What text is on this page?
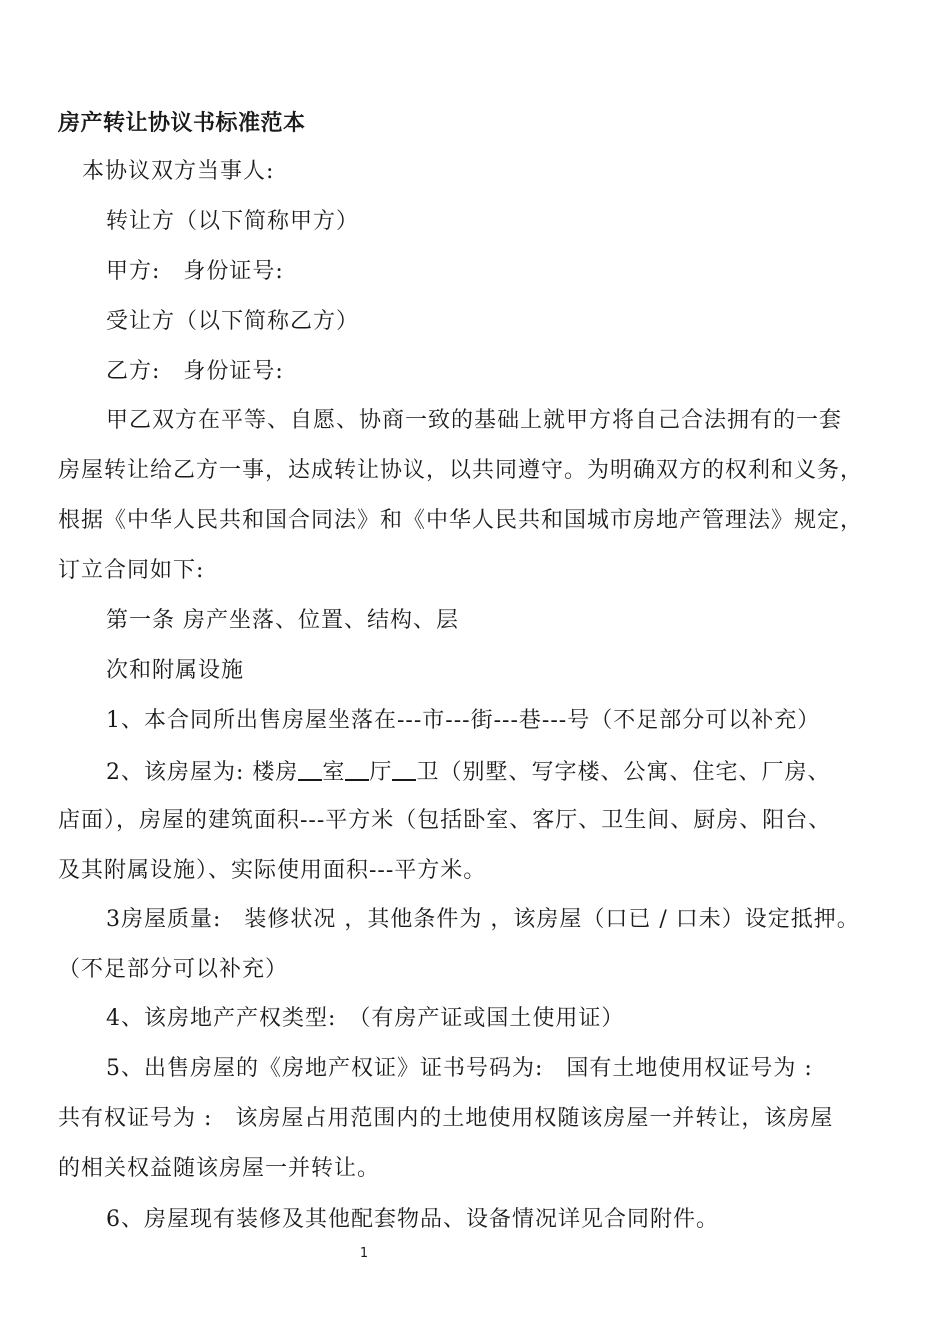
房产转让协议书标准范本
本协议双方当事人:
转让方（以下简称甲方）
甲方:　身份证号:
受让方（以下简称乙方）
乙方:　身份证号:
甲乙双方在平等、自愿、协商一致的基础上就甲方将自己合法拥有的一套
房屋转让给乙方一事，达成转让协议，以共同遵守。为明确双方的权利和义务，
根据《中华人民共和国合同法》和《中华人民共和国城市房地产管理法》规定，
订立合同如下:
第一条 房产坐落、位置、结构、层
次和附属设施
1、本合同所出售房屋坐落在---市---街---巷---号（不足部分可以补充）
2、该房屋为: 楼房 室 厅 卫（别墅、写字楼、公寓、住宅、厂房、
店面），房屋的建筑面积---平方米（包括卧室、客厅、卫生间、厨房、阳台、
及其附属设施）、实际使用面积---平方米。
3房屋质量:　装修状况 ，其他条件为 ，该房屋（口已 / 口未）设定抵押。
（不足部分可以补充）
4、该房地产产权类型:　（有房产证或国土使用证）
5、出售房屋的《房地产权证》证书号码为:　国有土地使用权证号为 :
共有权证号为 :　该房屋占用范围内的土地使用权随该房屋一并转让，该房屋
的相关权益随该房屋一并转让。
6、房屋现有装修及其他配套物品、设备情况详见合同附件。
1
